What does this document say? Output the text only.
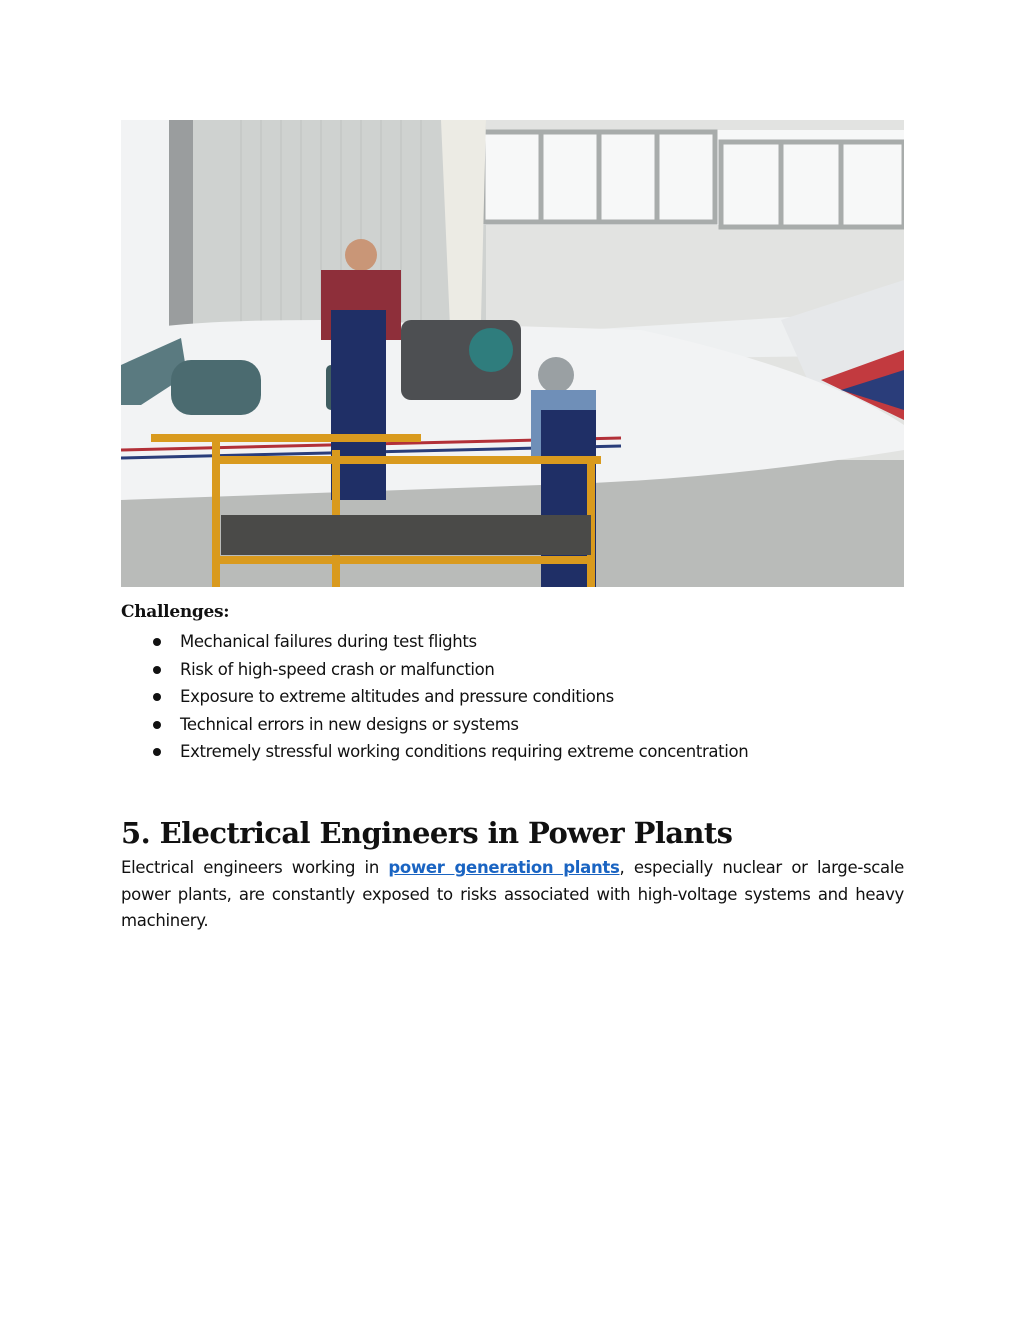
Challenges:
Mechanical failures during test flights
Risk of high-speed crash or malfunction
Exposure to extreme altitudes and pressure conditions
Technical errors in new designs or systems
Extremely stressful working conditions requiring extreme concentration
5. Electrical Engineers in Power Plants

Electrical engineers working in power generation plants, especially nuclear or large-scale power plants, are constantly exposed to risks associated with high-voltage systems and heavy machinery.
